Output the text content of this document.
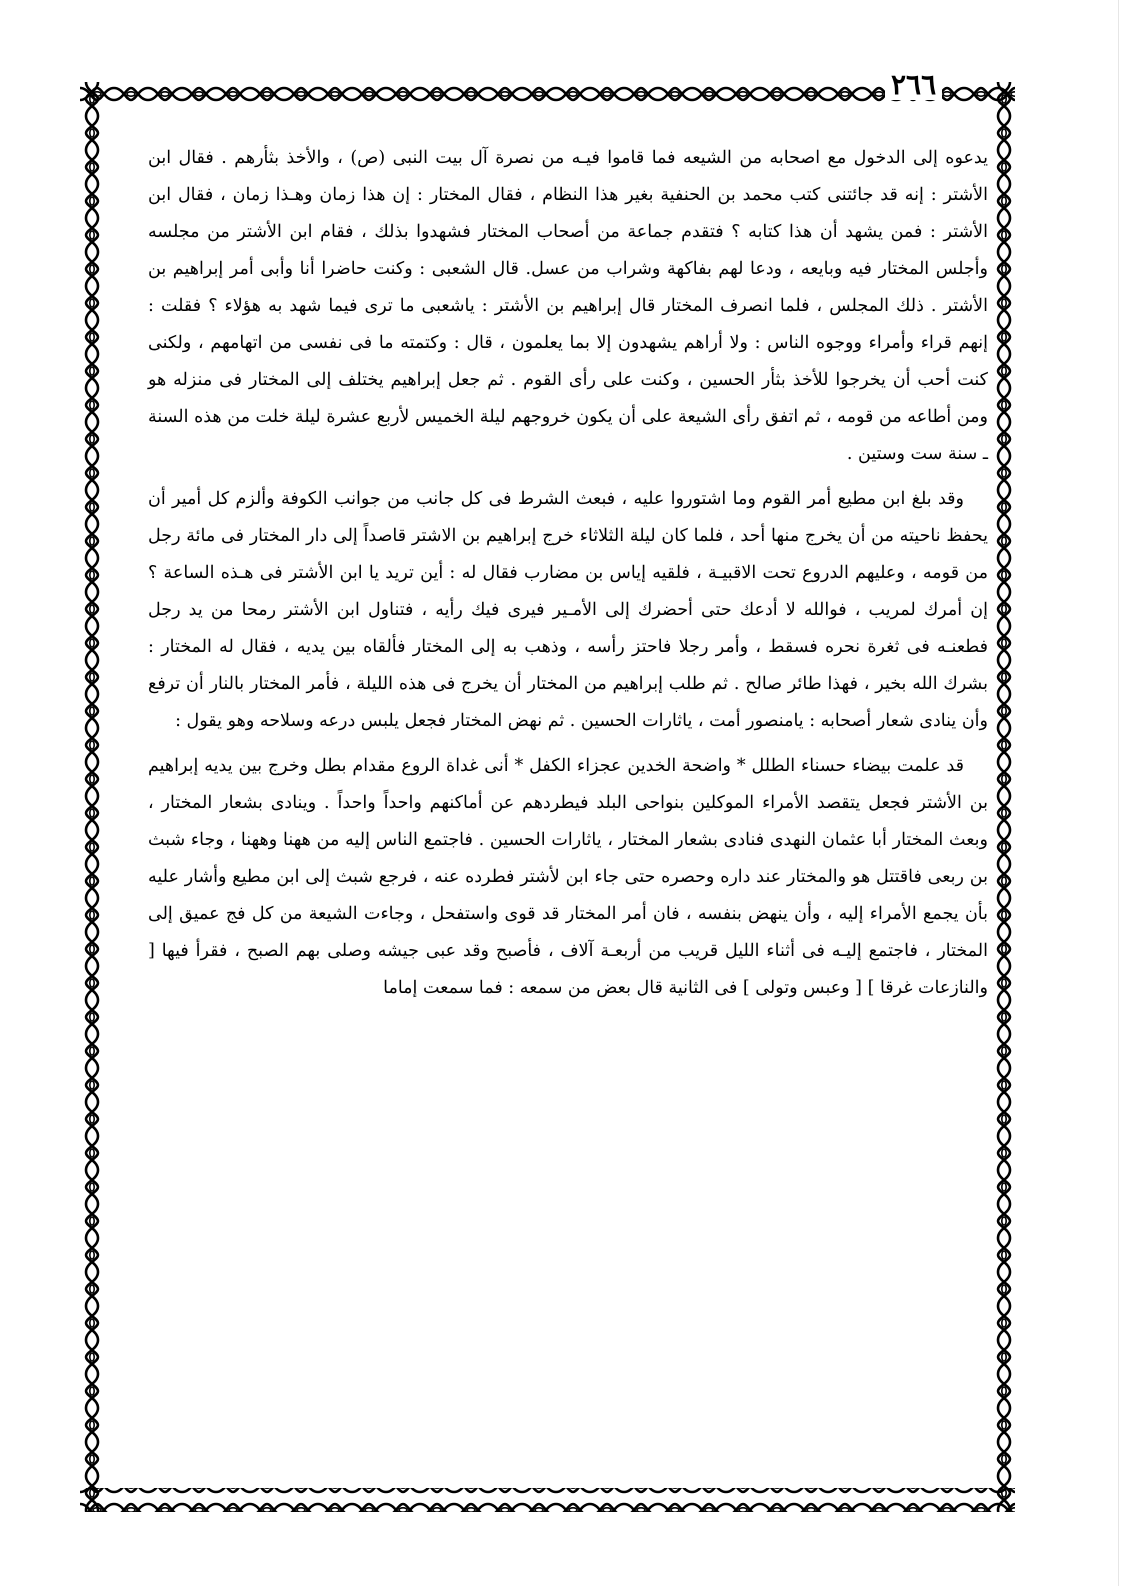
٢٦٦

يدعوه إلى الدخول مع اصحابه من الشيعه فما قاموا فيـه من نصرة آل بيت النبى (ص) ، والأخذ بثأرهم . فقال ابن الأشتر : إنه قد جائتنى كتب محمد بن الحنفية بغير هذا النظام ، فقال المختار : إن هذا زمان وهـذا زمان ، فقال ابن الأشتر : فمن يشهد أن هذا كتابه ؟ فتقدم جماعة من أصحاب المختار فشهدوا بذلك ، فقام ابن الأشتر من مجلسه وأجلس المختار فيه وبايعه ، ودعا لهم بفاكهة وشراب من عسل. قال الشعبى : وكنت حاضرا أنا وأبى أمر إبراهيم بن الأشتر . ذلك المجلس ، فلما انصرف المختار قال إبراهيم بن الأشتر : ياشعبى ما ترى فيما شهد به هؤلاء ؟ فقلت : إنهم قراء وأمراء ووجوه الناس : ولا أراهم يشهدون إلا بما يعلمون ، قال : وكتمته ما فى نفسى من اتهامهم ، ولكنى كنت أحب أن يخرجوا للأخذ بثأر الحسين ، وكنت على رأى القوم . ثم جعل إبراهيم يختلف إلى المختار فى منزله هو ومن أطاعه من قومه ، ثم اتفق رأى الشيعة على أن يكون خروجهم ليلة الخميس لأربع عشرة ليلة خلت من هذه السنة ـ سنة ست وستين .

وقد بلغ ابن مطيع أمر القوم وما اشتوروا عليه ، فبعث الشرط فى كل جانب من جوانب الكوفة وألزم كل أمير أن يحفظ ناحيته من أن يخرج منها أحد ، فلما كان ليلة الثلاثاء خرج إبراهيم بن الاشتر قاصداً إلى دار المختار فى مائة رجل من قومه ، وعليهم الدروع تحت الاقبيـة ، فلقيه إياس بن مضارب فقال له : أين تريد يا ابن الأشتر فى هـذه الساعة ؟ إن أمرك لمريب ، فوالله لا أدعك حتى أحضرك إلى الأمـير فيرى فيك رأيه ، فتناول ابن الأشتر رمحا من يد رجل فطعنـه فى ثغرة نحره فسقط ، وأمر رجلا فاحتز رأسه ، وذهب به إلى المختار فألقاه بين يديه ، فقال له المختار : بشرك الله بخير ، فهذا طائر صالح . ثم طلب إبراهيم من المختار أن يخرج فى هذه الليلة ، فأمر المختار بالنار أن ترفع وأن ينادى شعار أصحابه : يامنصور أمت ، ياثارات الحسين . ثم نهض المختار فجعل يلبس درعه وسلاحه وهو يقول :

قد علمت بيضاء حسناء الطلل * واضحة الخدين عجزاء الكفل * أنى غداة الروع مقدام بطل وخرج بين يديه إبراهيم بن الأشتر فجعل يتقصد الأمراء الموكلين بنواحى البلد فيطردهم عن أماكنهم واحداً واحداً . وينادى بشعار المختار ، وبعث المختار أبا عثمان النهدى فنادى بشعار المختار ، ياثارات الحسين . فاجتمع الناس إليه من ههنا وههنا ، وجاء شبث بن ربعى فاقتتل هو والمختار عند داره وحصره حتى جاء ابن لأشتر فطرده عنه ، فرجع شبث إلى ابن مطيع وأشار عليه بأن يجمع الأمراء إليه ، وأن ينهض بنفسه ، فان أمر المختار قد قوى واستفحل ، وجاءت الشيعة من كل فج عميق إلى المختار ، فاجتمع إليـه فى أثناء الليل قريب من أربعـة آلاف ، فأصبح وقد عبى جيشه وصلى بهم الصبح ، فقرأ فيها [ والنازعات غرقا ] [ وعبس وتولى ] فى الثانية قال بعض من سمعه : فما سمعت إماما
